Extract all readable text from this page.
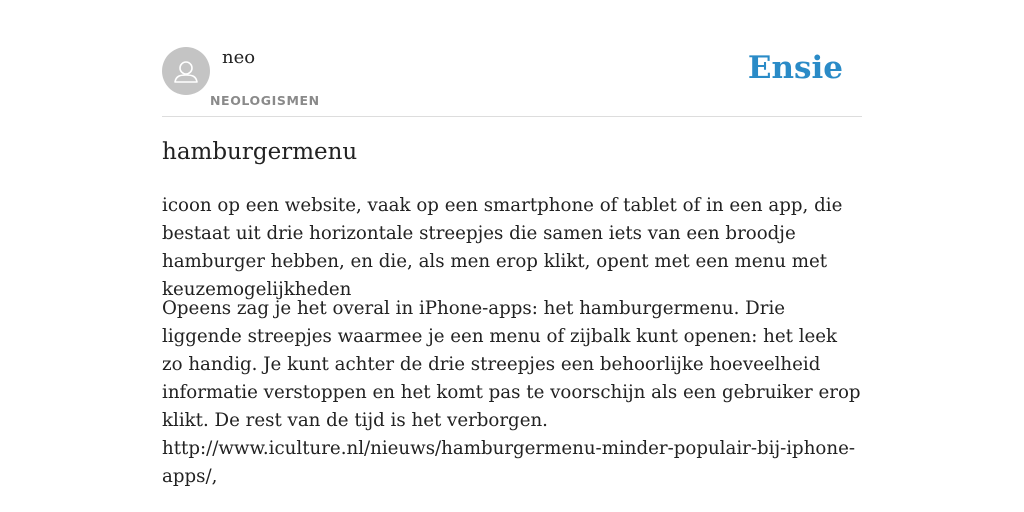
neo
NEOLOGISMEN
Ensie
hamburgermenu

icoon op een website, vaak op een smartphone of tablet of in een app, die bestaat uit drie horizontale streepjes die samen iets van een broodje hamburger hebben, en die, als men erop klikt, opent met een menu met keuzemogelijkheden

Opeens zag je het overal in iPhone-apps: het hamburgermenu. Drie liggende streepjes waarmee je een menu of zijbalk kunt openen: het leek zo handig. Je kunt achter de drie streepjes een behoorlijke hoeveelheid informatie verstoppen en het komt pas te voorschijn als een gebruiker erop klikt. De rest van de tijd is het verborgen.
http://www.iculture.nl/nieuws/hamburgermenu-minder-populair-bij-iphone-apps/,
